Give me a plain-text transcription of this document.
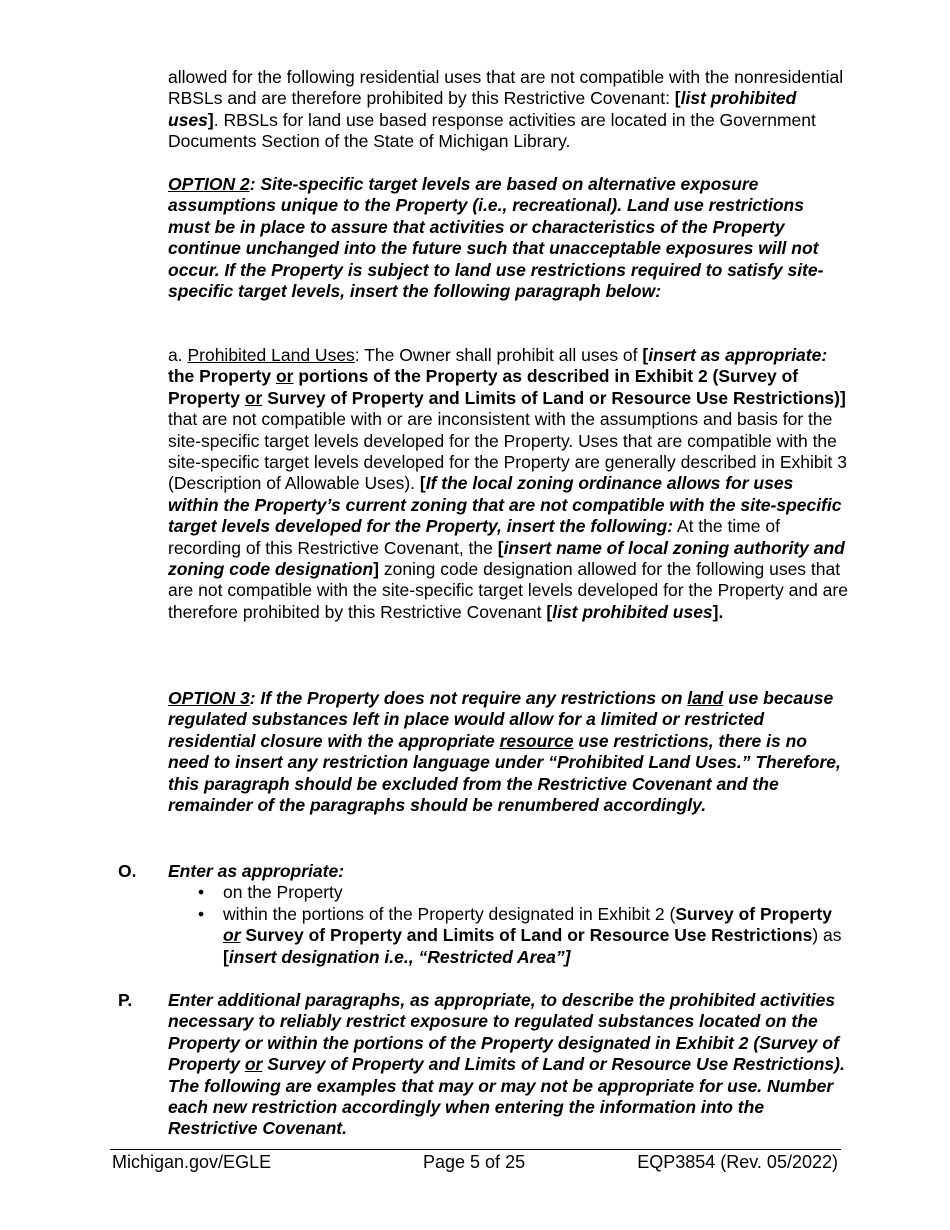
allowed for the following residential uses that are not compatible with the nonresidential RBSLs and are therefore prohibited by this Restrictive Covenant: [list prohibited uses]. RBSLs for land use based response activities are located in the Government Documents Section of the State of Michigan Library.

OPTION 2: Site-specific target levels are based on alternative exposure assumptions unique to the Property (i.e., recreational). Land use restrictions must be in place to assure that activities or characteristics of the Property continue unchanged into the future such that unacceptable exposures will not occur. If the Property is subject to land use restrictions required to satisfy site-specific target levels, insert the following paragraph below:

a. Prohibited Land Uses: The Owner shall prohibit all uses of [insert as appropriate: the Property or portions of the Property as described in Exhibit 2 (Survey of Property or Survey of Property and Limits of Land or Resource Use Restrictions)] that are not compatible with or are inconsistent with the assumptions and basis for the site-specific target levels developed for the Property. Uses that are compatible with the site-specific target levels developed for the Property are generally described in Exhibit 3 (Description of Allowable Uses). [If the local zoning ordinance allows for uses within the Property’s current zoning that are not compatible with the site-specific target levels developed for the Property, insert the following: At the time of recording of this Restrictive Covenant, the [insert name of local zoning authority and zoning code designation] zoning code designation allowed for the following uses that are not compatible with the site-specific target levels developed for the Property and are therefore prohibited by this Restrictive Covenant [list prohibited uses].

OPTION 3: If the Property does not require any restrictions on land use because regulated substances left in place would allow for a limited or restricted residential closure with the appropriate resource use restrictions, there is no need to insert any restriction language under “Prohibited Land Uses.” Therefore, this paragraph should be excluded from the Restrictive Covenant and the remainder of the paragraphs should be renumbered accordingly.

O. Enter as appropriate:

• on the Property
• within the portions of the Property designated in Exhibit 2 (Survey of Property or Survey of Property and Limits of Land or Resource Use Restrictions) as [insert designation i.e., “Restricted Area”]
P. Enter additional paragraphs, as appropriate, to describe the prohibited activities necessary to reliably restrict exposure to regulated substances located on the Property or within the portions of the Property designated in Exhibit 2 (Survey of Property or Survey of Property and Limits of Land or Resource Use Restrictions). The following are examples that may or may not be appropriate for use. Number each new restriction accordingly when entering the information into the Restrictive Covenant.

Michigan.gov/EGLE	Page 5 of 25	EQP3854 (Rev. 05/2022)
